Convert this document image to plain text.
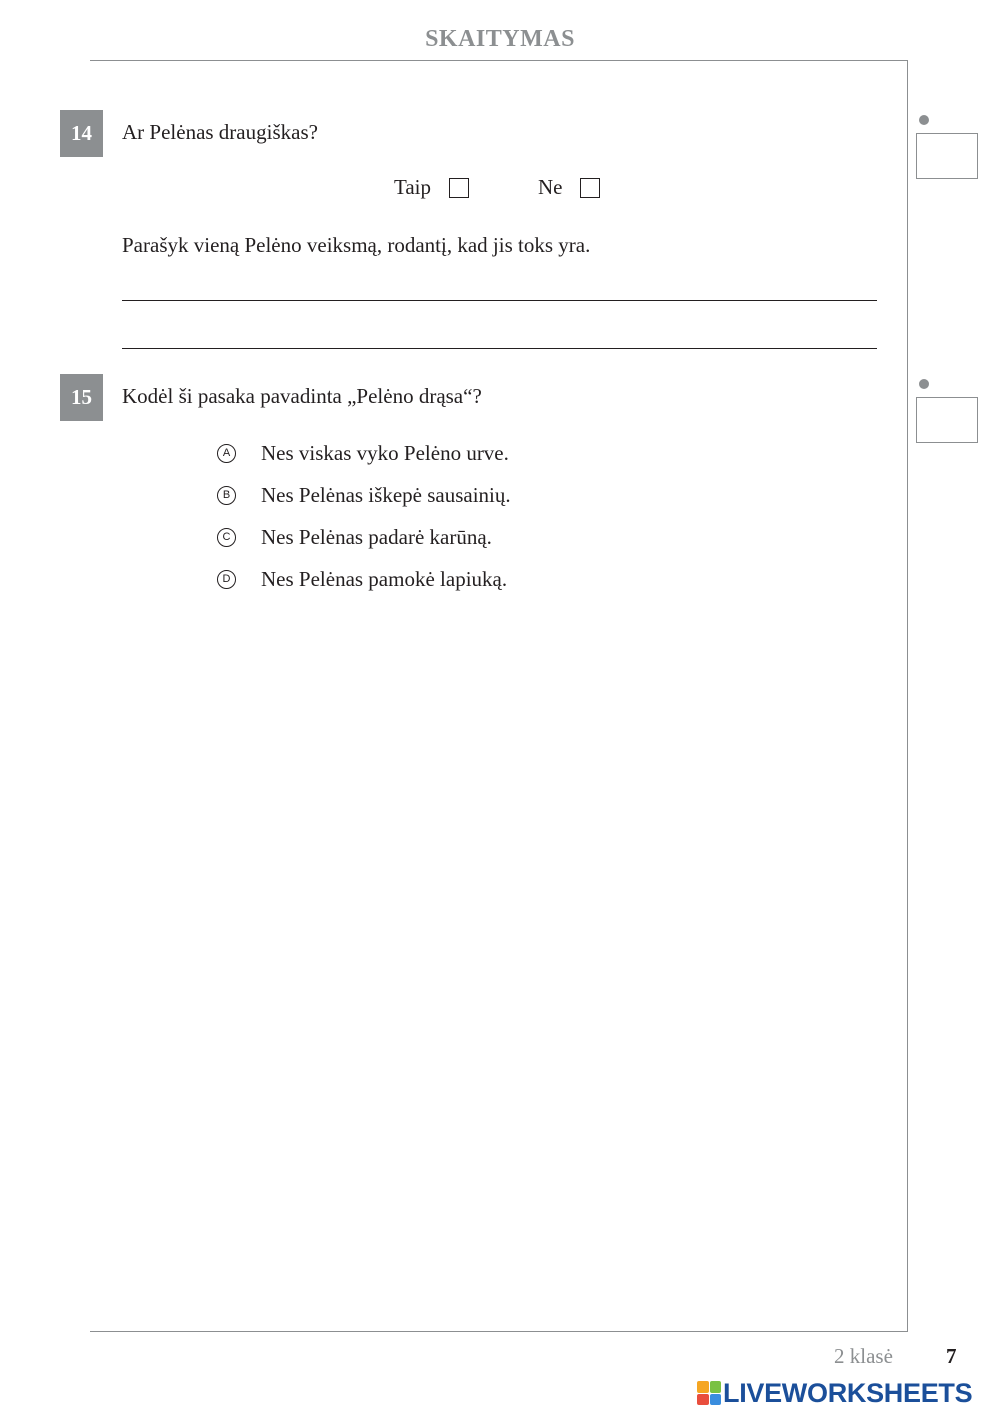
SKAITYMAS
14	Ar Pelėnas draugiškas?
Taip	Ne
Parašyk vieną Pelėno veiksmą, rodantį, kad jis toks yra.
15	Kodėl ši pasaka pavadinta „Pelėno drąsa“?
A Nes viskas vyko Pelėno urve.
B Nes Pelėnas iškepė sausainių.
C Nes Pelėnas padarė karūną.
D Nes Pelėnas pamokė lapiuką.
2 klasė	7
LIVEWORKSHEETS
